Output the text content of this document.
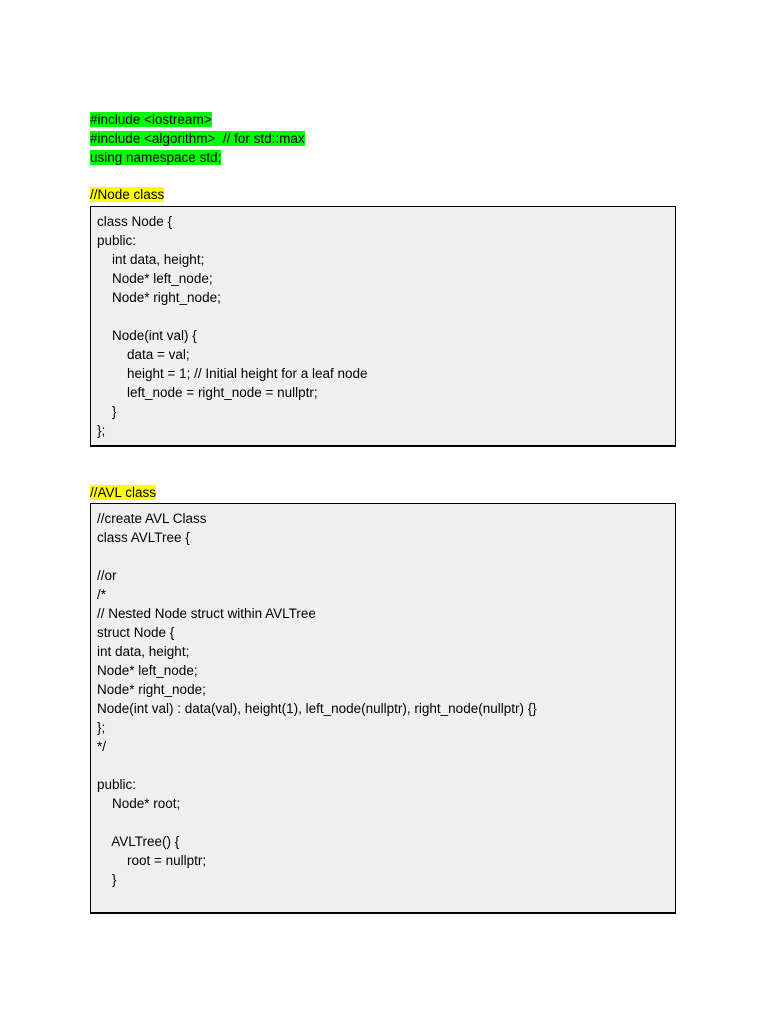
#include <iostream>
#include <algorithm>  // for std::max
using namespace std;
//Node class
class Node {
public:
int data, height;
Node* left_node;
Node* right_node;

Node(int val) {
data = val;
height = 1; // Initial height for a leaf node
left_node = right_node = nullptr;
}
};
//AVL class
//create AVL Class
class AVLTree {

//or
/*
// Nested Node struct within AVLTree
struct Node {
int data, height;
Node* left_node;
Node* right_node;
Node(int val) : data(val), height(1), left_node(nullptr), right_node(nullptr) {}
};
*/

public:
Node* root;

AVLTree() {
root = nullptr;
}
